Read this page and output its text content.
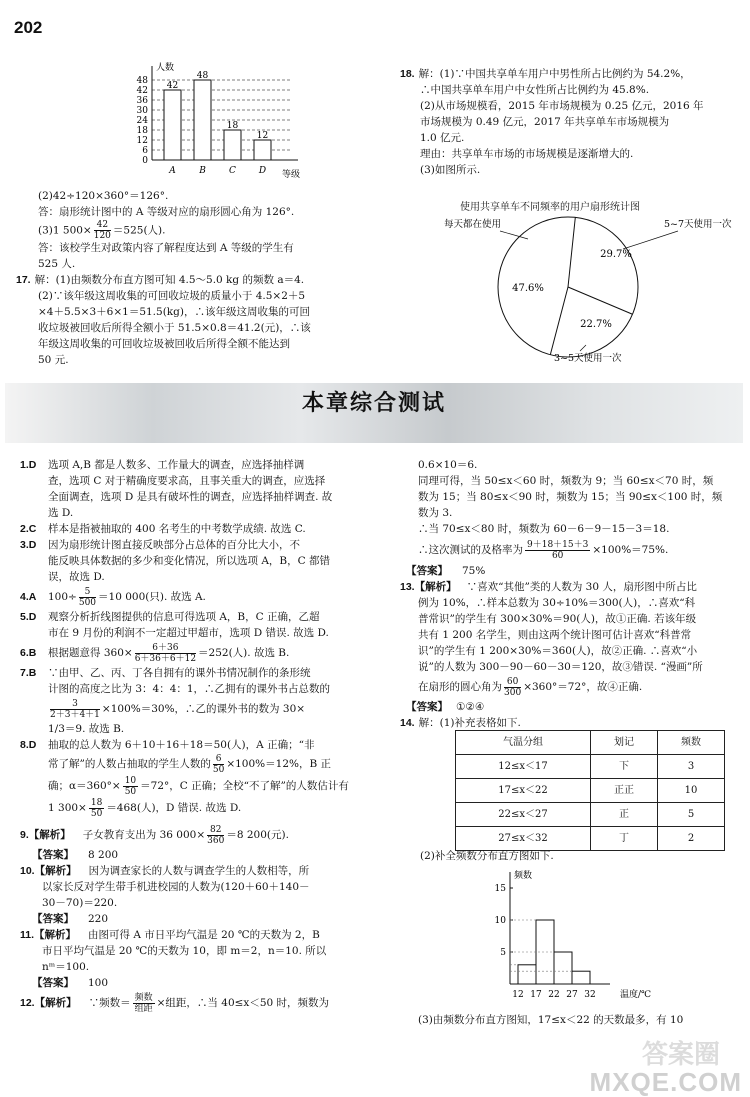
202
0
6
12
18
24
30
36
42
48
人数
等级
42
A
48
B
18
C
12
D
(2)42÷120×360°＝126°.
答：扇形统计图中的 A 等级对应的扇形圆心角为 126°.
(3)1 $500\times \frac{42}{120} =525$(人).
答：该校学生对政策内容了解程度达到 A 等级的学生有
525 人.
17. 解：(1)由频数分布直方图可知 4.5～5.0 kg 的频数 a＝4.
(2)∵该年级这周收集的可回收垃圾的质量小于 4.5×2＋5
×4＋5.5×3＋6×1＝51.5(kg)，∴该年级这周收集的可回
收垃圾被回收后所得全额小于 51.5×0.8＝41.2(元)，∴该
年级这周收集的可回收垃圾被回收后所得全额不能达到
50 元.
18. 解：(1)∵中国共享单车用户中男性所占比例约为 54.2%，
∴中国共享单车用户中女性所占比例约为 45.8%.
(2)从市场规模看，2015 年市场规模为 0.25 亿元，2016 年
市场规模为 0.49 亿元，2017 年共享单车市场规模为
1.0 亿元.
理由：共享单车市场的市场规模是逐渐增大的.
(3)如图所示.
使用共享单车不同频率的用户扇形统计图
29.7%
22.7%
47.6%
每天都在使用	5~7天使用一次
3~5天使用一次
本章综合测试
1.D 选项 A,B 都是人数多、工作量大的调查，应选择抽样调
查，选项 C 对于精确度要求高，且事关重大的调查，应选择
全面调查，选项 D 是具有破坏性的调查，应选择抽样调查. 故
选 D.
2.C 样本是指被抽取的 400 名考生的中考数学成绩. 故选 C.
3.D 因为扇形统计图直接反映部分占总体的百分比大小，不
能反映具体数据的多少和变化情况，所以选项 A，B，C 都错
误，故选 D.
4.A $100\div \frac{5}{500} =10$ 000(只). 故选 A.
5.D 观察分析折线图提供的信息可得选项 A，B，C 正确，乙超
市在 9 月份的利润不一定超过甲超市，选项 D 错误. 故选 D.
6.B 根据题意得 $360\times \frac{6+36}{6+36+6+12} =252$(人). 故选 B.
7.B ∵由甲、乙、丙、丁各自拥有的课外书情况制作的条形统
计图的高度之比为 3：4：4：1，∴乙拥有的课外书占总数的
$\frac{3}{2+3+4+1} \times 100\%=30\%$，∴乙的课外书的数为 30×
1/3＝9. 故选 B.
8.D 抽取的总人数为 6＋10＋16＋18＝50(人)，A 正确；“非
常了解”的人数占抽取的学生人数的 $\frac{6}{50} \times 100\%=12\%$，B 正
确；$\alpha=360^\circ\times \frac{10}{50} =72^\circ$，C 正确；全校“不了解”的人数估计有
1 $300\times \frac{18}{50} =468$(人)，D 错误. 故选 D.
9.【解析】 子女教育支出为 36 $000\times \frac{82}{360} =8$ 200(元).
【答案】 8 200
10.【解析】 因为调查家长的人数与调查学生的人数相等，所
以家长反对学生带手机进校园的人数为(120＋60＋140－
30－70)＝220.
【答案】 220
11.【解析】 由图可得 A 市日平均气温是 20 ℃的天数为 2，B
市日平均气温是 20 ℃的天数为 10，即 m＝2，n＝10. 所以
nᵐ＝100.
【答案】 100
12.【解析】 ∵频数＝ $\frac{\text{频数}}{\text{组距}}$ ×组距，∴当 40≤x＜50 时，频数为
0.6×10＝6.
同理可得，当 50≤x＜60 时，频数为 9；当 60≤x＜70 时，频
数为 15；当 80≤x＜90 时，频数为 15；当 90≤x＜100 时，频
数为 3.
∴当 70≤x＜80 时，频数为 60－6－9－15－3＝18.
∴这次测试的及格率为 $\frac{9+18+15+3}{60} \times 100\%=75\%$.
【答案】 75%
13.【解析】 ∵喜欢“其他”类的人数为 30 人，扇形图中所占比
例为 10%，∴样本总数为 30÷10%＝300(人)，∴喜欢“科
普常识”的学生有 300×30%＝90(人)，故①正确. 若该年级
共有 1 200 名学生，则由这两个统计图可估计喜欢“科普常
识”的学生有 1 200×30%＝360(人)，故②正确. ∴喜欢“小
说”的人数为 300－90－60－30＝120，故③错误. “漫画”所
在扇形的圆心角为 $\frac{60}{300} \times 360^\circ=72^\circ$，故④正确.
【答案】 ①②④
14. 解：(1)补充表格如下.
气温分组	划记	频数
12≤x＜17	下	3
17≤x＜22	正正	10
22≤x＜27	正	5
27≤x＜32	丁	2
(2)补全频数分布直方图如下.
频数
5
10
15
12 17 22 27 32	温度/℃
(3)由频数分布直方图知，17≤x＜22 的天数最多，有 10
答案圈
MXQE.COM
